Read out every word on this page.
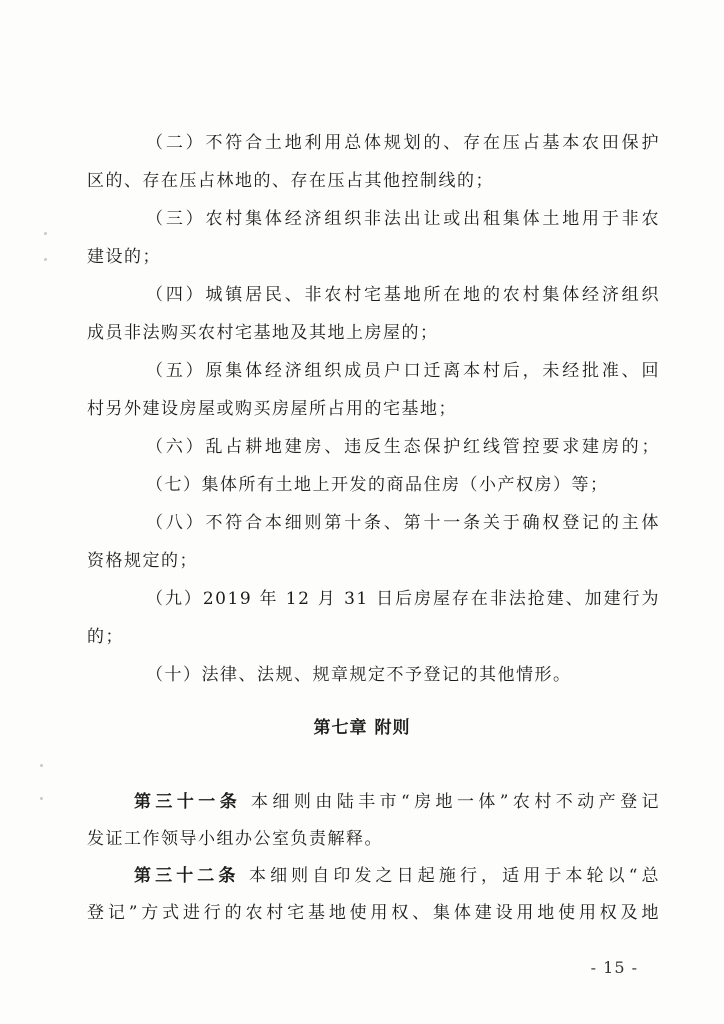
（二）不符合土地利用总体规划的、存在压占基本农田保护
区的、存在压占林地的、存在压占其他控制线的；
（三）农村集体经济组织非法出让或出租集体土地用于非农
建设的；
（四）城镇居民、非农村宅基地所在地的农村集体经济组织
成员非法购买农村宅基地及其地上房屋的；
（五）原集体经济组织成员户口迁离本村后，未经批准、回
村另外建设房屋或购买房屋所占用的宅基地；
（六）乱占耕地建房、违反生态保护红线管控要求建房的；
（七）集体所有土地上开发的商品住房（小产权房）等；
（八）不符合本细则第十条、第十一条关于确权登记的主体
资格规定的；
（九）2019 年 12 月 31 日后房屋存在非法抢建、加建行为
的；
（十）法律、法规、规章规定不予登记的其他情形。
第七章 附则
第三十一条 本细则由陆丰市“房地一体”农村不动产登记
发证工作领导小组办公室负责解释。
第三十二条 本细则自印发之日起施行，适用于本轮以“总
登记”方式进行的农村宅基地使用权、集体建设用地使用权及地
- 15 -
